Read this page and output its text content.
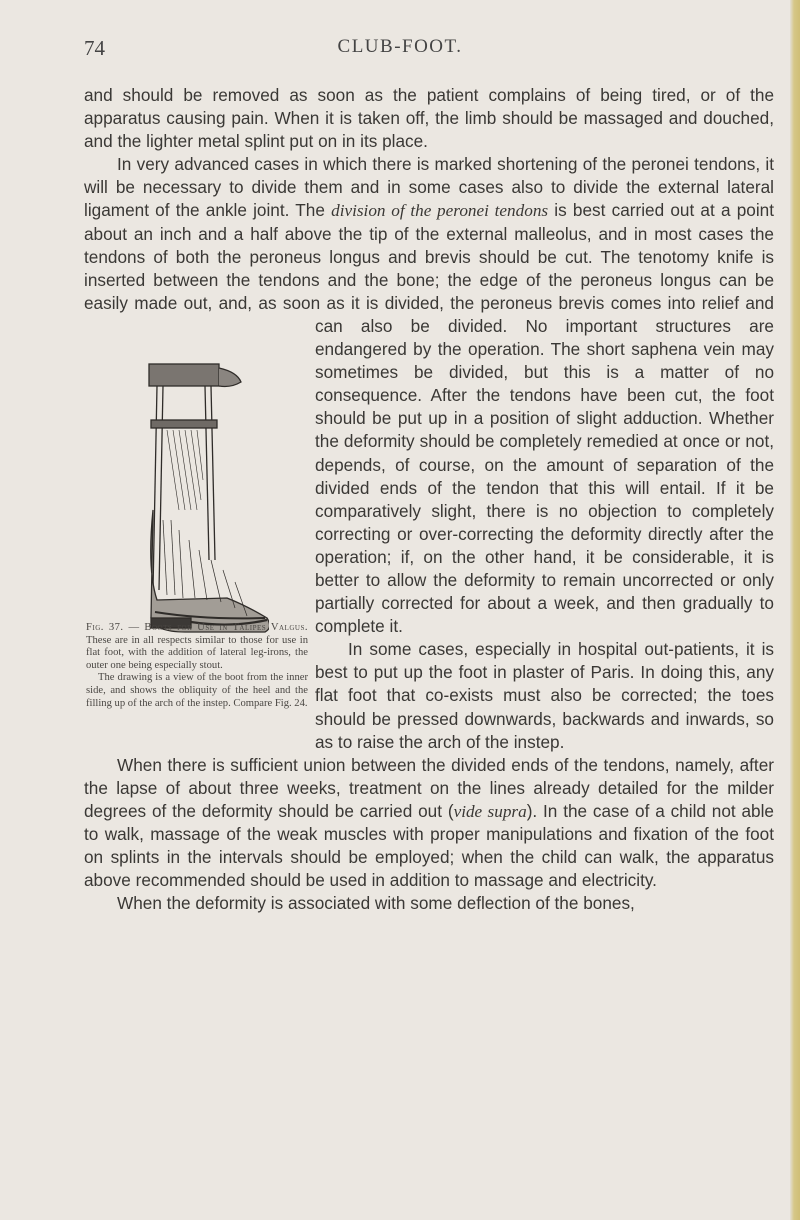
74	CLUB-FOOT.

and should be removed as soon as the patient complains of being tired, or of the apparatus causing pain. When it is taken off, the limb should be massaged and douched, and the lighter metal splint put on in its place.

In very advanced cases in which there is marked shortening of the peronei tendons, it will be necessary to divide them and in some cases also to divide the external lateral ligament of the ankle joint. The division of the peronei tendons is best carried out at a point about an inch and a half above the tip of the external malleolus, and in most cases the tendons of both the peroneus longus and brevis should be cut. The tenotomy knife is inserted between the tendons and the bone; the edge of the peroneus longus can be easily made out, and, as soon as it is divided, the peroneus brevis comes into relief and can also be divided. No important structures are endangered by the operation. The short saphena vein may sometimes be divided, but this is a matter of no consequence. After the tendons have been cut, the foot should be put up in a position of slight adduction. Whether the deformity should be completely remedied at once or not, depends, of course, on the amount of separation of the divided ends of the tendon that this will entail. If it be comparatively slight, there is no objection to completely correcting or over-correcting the deformity directly after the operation; if, on the other hand, it be considerable, it is better to allow the deformity to remain uncorrected or only partially corrected for about a week, and then gradually to complete it.

In some cases, especially in hospital out-patients, it is best to put up the foot in plaster of Paris. In doing this, any flat foot that co-exists must also be corrected; the toes should be pressed downwards, backwards and inwards, so as to raise the arch of the instep.

When there is sufficient union between the divided ends of the tendons, namely, after the lapse of about three weeks, treatment on the lines already detailed for the milder degrees of the deformity should be carried out (vide supra). In the case of a child not able to walk, massage of the weak muscles with proper manipulations and fixation of the foot on splints in the intervals should be employed; when the child can walk, the apparatus above recommended should be used in addition to massage and electricity.

When the deformity is associated with some deflection of the bones,

Fig. 37. — Boots for Use in Talipes Valgus. These are in all respects similar to those for use in flat foot, with the addition of lateral leg-irons, the outer one being especially stout.

The drawing is a view of the boot from the inner side, and shows the obliquity of the heel and the filling up of the arch of the instep. Compare Fig. 24.
